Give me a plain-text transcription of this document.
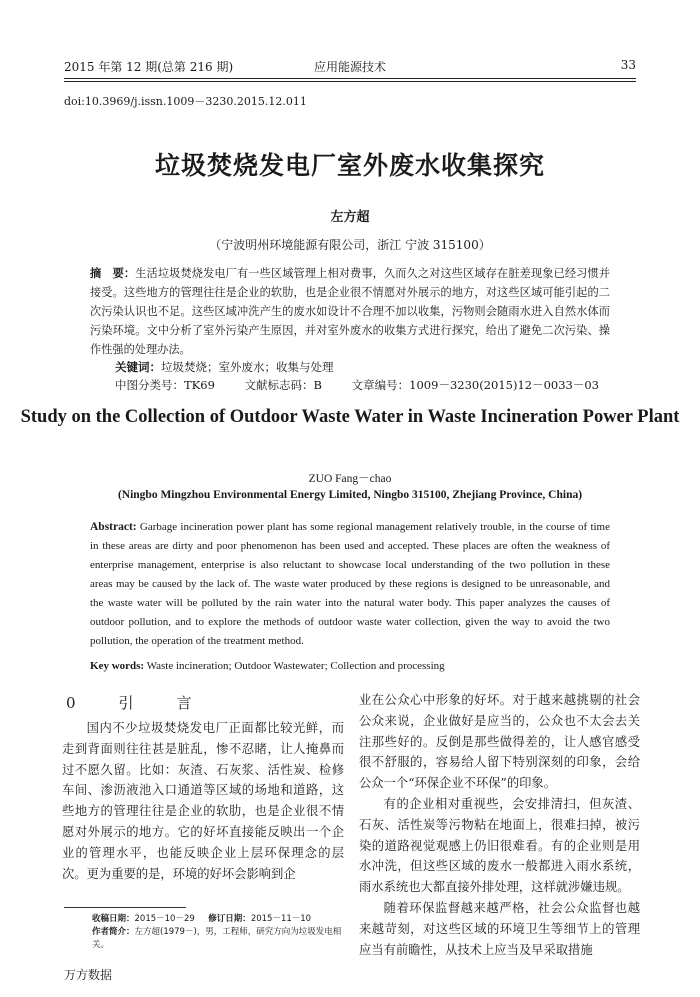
2015 年第 12 期(总第 216 期)	应用能源技术	33
doi:10.3969/j.issn.1009－3230.2015.12.011
垃圾焚烧发电厂室外废水收集探究
左方超
（宁波明州环境能源有限公司，浙江 宁波 315100）
摘　要：生活垃圾焚烧发电厂有一些区域管理上相对费事，久而久之对这些区域存在脏差现象已经习惯并接受。这些地方的管理往往是企业的软肋，也是企业很不情愿对外展示的地方，对这些区域可能引起的二次污染认识也不足。这些区域冲洗产生的废水如设计不合理不加以收集，污物则会随雨水进入自然水体而污染环境。文中分析了室外污染产生原因，并对室外废水的收集方式进行探究，给出了避免二次污染、操作性强的处理办法。
关键词：垃圾焚烧；室外废水；收集与处理
中图分类号：TK69	文献标志码：B	文章编号：1009－3230(2015)12－0033－03
Study on the Collection of Outdoor Waste Water in Waste Incineration Power Plant
ZUO Fang－chao
(Ningbo Mingzhou Environmental Energy Limited, Ningbo 315100, Zhejiang Province, China)
Abstract: Garbage incineration power plant has some regional management relatively trouble, in the course of time in these areas are dirty and poor phenomenon has been used and accepted. These places are often the weakness of enterprise management, enterprise is also reluctant to showcase local understanding of the two pollution in these areas may be caused by the lack of. The waste water produced by these regions is designed to be unreasonable, and the waste water will be polluted by the rain water into the natural water body. This paper analyzes the causes of outdoor pollution, and to explore the methods of outdoor waste water collection, given the way to avoid the two pollution, the operation of the treatment method.
Key words: Waste incineration; Outdoor Wastewater; Collection and processing
0　引　言
国内不少垃圾焚烧发电厂正面都比较光鲜，而走到背面则往往甚是脏乱，惨不忍睹，让人掩鼻而过不愿久留。比如：灰渣、石灰浆、活性炭、检修车间、渗沥液池入口通道等区域的场地和道路，这些地方的管理往往是企业的软肋，也是企业很不情愿对外展示的地方。它的好坏直接能反映出一个企业的管理水平，也能反映企业上层环保理念的层次。更为重要的是，环境的好坏会影响到企

业在公众心中形象的好坏。对于越来越挑剔的社会公众来说，企业做好是应当的，公众也不太会去关注那些好的。反倒是那些做得差的，让人感官感受很不舒服的，容易给人留下特别深刻的印象，会给公众一个“环保企业不环保”的印象。

有的企业相对重视些，会安排清扫，但灰渣、石灰、活性炭等污物粘在地面上，很难扫掉，被污染的道路视觉观感上仍旧很难看。有的企业则是用水冲洗，但这些区域的废水一般都进入雨水系统，雨水系统也大都直接外排处理，这样就涉嫌违规。

随着环保监督越来越严格，社会公众监督也越来越苛刻，对这些区域的环境卫生等细节上的管理应当有前瞻性，从技术上应当及早采取措施

收稿日期：2015－10－29 修订日期：2015－11－10
作者简介：左方超(1979－)，男，工程师，研究方向为垃圾发电相关。
万方数据
